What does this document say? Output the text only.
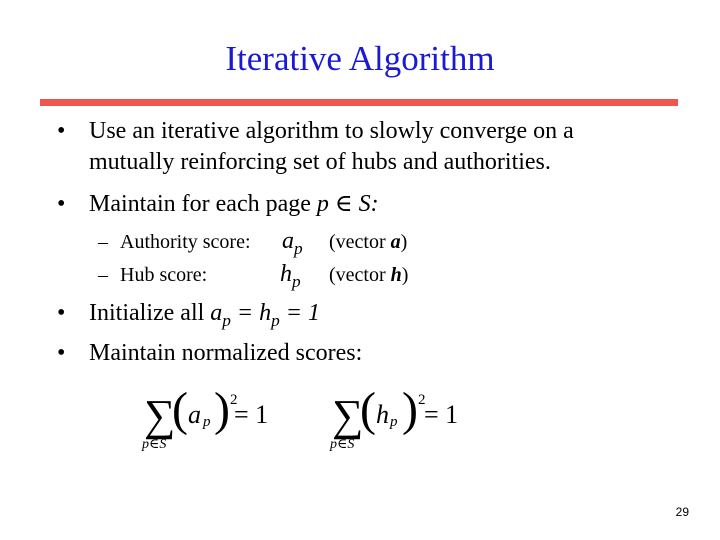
Iterative Algorithm
• Use an iterative algorithm to slowly converge on a
mutually reinforcing set of hubs and authorities.
• Maintain for each page p ∈ S:
– Authority score:	$a_p$ (vector a)
– Hub score:	$h_p$ (vector h)
• Initialize all $a_p = h_p = 1$
• Maintain normalized scores:
∑
p∈S
( a p ) 2
= 1 ∑
p∈S
( h p ) 2
= 1
29
